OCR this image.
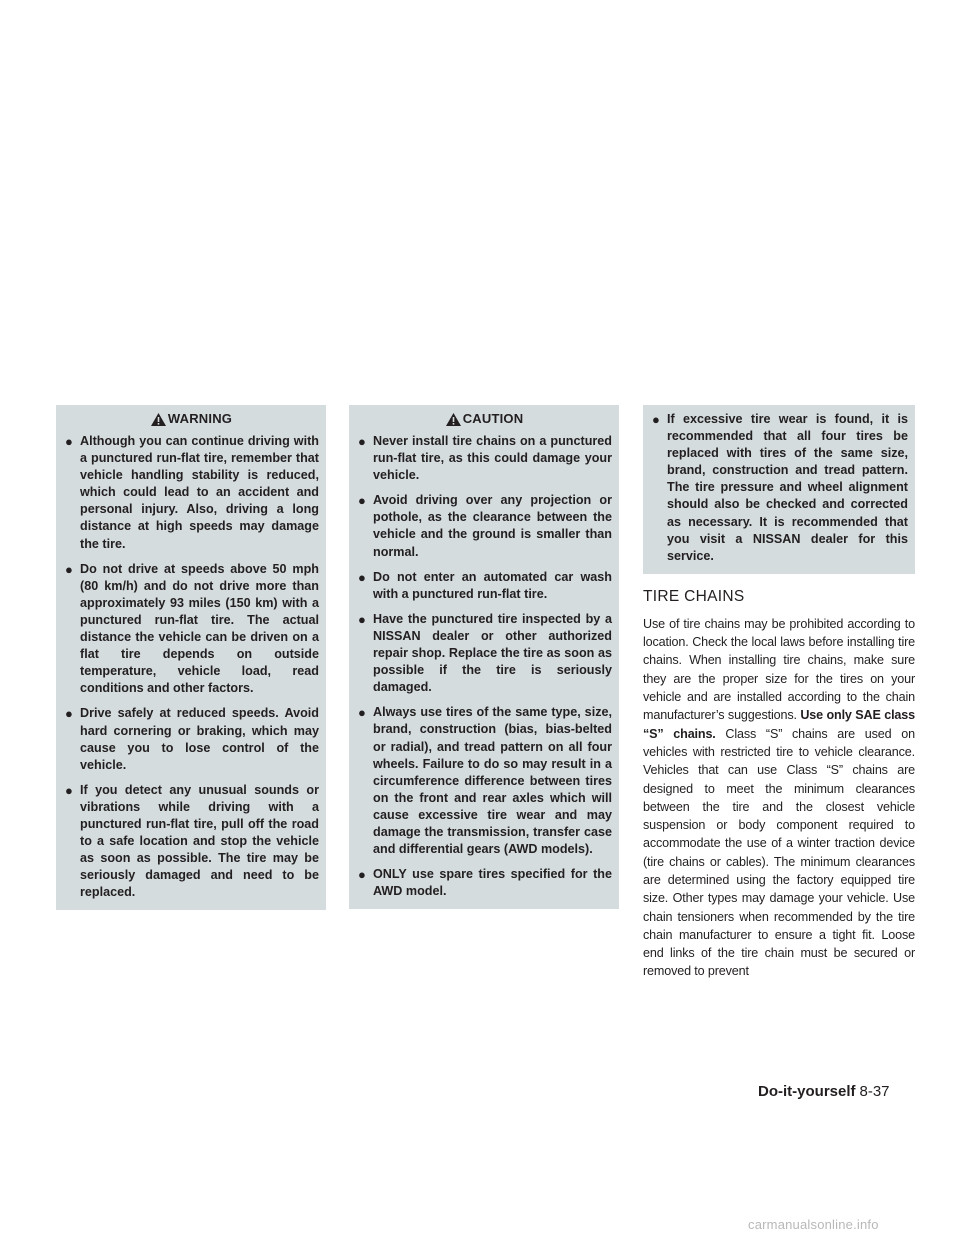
WARNING
● Although you can continue driving with a punctured run-flat tire, remember that vehicle handling stability is reduced, which could lead to an accident and personal injury. Also, driving a long distance at high speeds may damage the tire.
● Do not drive at speeds above 50 mph (80 km/h) and do not drive more than approximately 93 miles (150 km) with a punctured run-flat tire. The actual distance the vehicle can be driven on a flat tire depends on outside temperature, vehicle load, read conditions and other factors.
● Drive safely at reduced speeds. Avoid hard cornering or braking, which may cause you to lose control of the vehicle.
● If you detect any unusual sounds or vibrations while driving with a punctured run-flat tire, pull off the road to a safe location and stop the vehicle as soon as possible. The tire may be seriously damaged and need to be replaced.
CAUTION
● Never install tire chains on a punctured run-flat tire, as this could damage your vehicle.
● Avoid driving over any projection or pothole, as the clearance between the vehicle and the ground is smaller than normal.
● Do not enter an automated car wash with a punctured run-flat tire.
● Have the punctured tire inspected by a NISSAN dealer or other authorized repair shop. Replace the tire as soon as possible if the tire is seriously damaged.
● Always use tires of the same type, size, brand, construction (bias, bias-belted or radial), and tread pattern on all four wheels. Failure to do so may result in a circumference difference between tires on the front and rear axles which will cause excessive tire wear and may damage the transmission, transfer case and differential gears (AWD models).
● ONLY use spare tires specified for the AWD model.
● If excessive tire wear is found, it is recommended that all four tires be replaced with tires of the same size, brand, construction and tread pattern. The tire pressure and wheel alignment should also be checked and corrected as necessary. It is recommended that you visit a NISSAN dealer for this service.
TIRE CHAINS
Use of tire chains may be prohibited according to location. Check the local laws before installing tire chains. When installing tire chains, make sure they are the proper size for the tires on your vehicle and are installed according to the chain manufacturer’s suggestions. Use only SAE class “S” chains. Class “S” chains are used on vehicles with restricted tire to vehicle clearance. Vehicles that can use Class “S” chains are designed to meet the minimum clearances between the tire and the closest vehicle suspension or body component required to accommodate the use of a winter traction device (tire chains or cables). The minimum clearances are determined using the factory equipped tire size. Other types may damage your vehicle. Use chain tensioners when recommended by the tire chain manufacturer to ensure a tight fit. Loose end links of the tire chain must be secured or removed to prevent
Do-it-yourself 8-37
carmanualsonline.info
